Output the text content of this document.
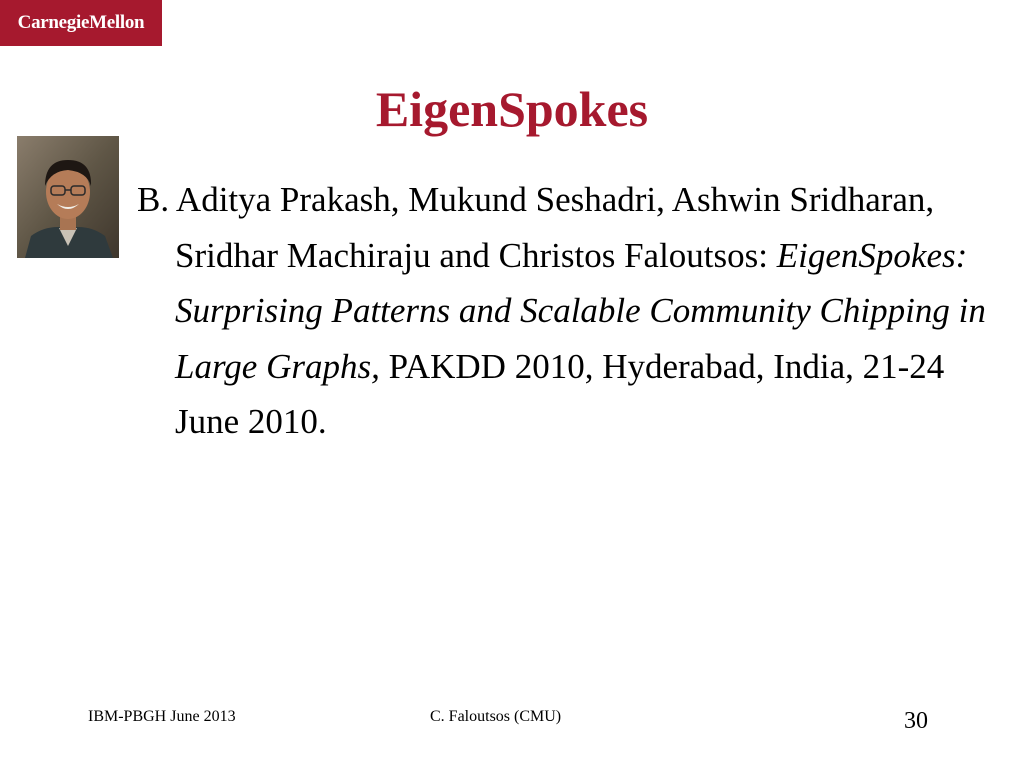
CarnegieMellon
EigenSpokes

B. Aditya Prakash, Mukund Seshadri, Ashwin Sridharan, Sridhar Machiraju and Christos Faloutsos: EigenSpokes: Surprising Patterns and Scalable Community Chipping in Large Graphs, PAKDD 2010, Hyderabad, India, 21-24 June 2010.

IBM-PBGH June 2013	C. Faloutsos (CMU)	30
